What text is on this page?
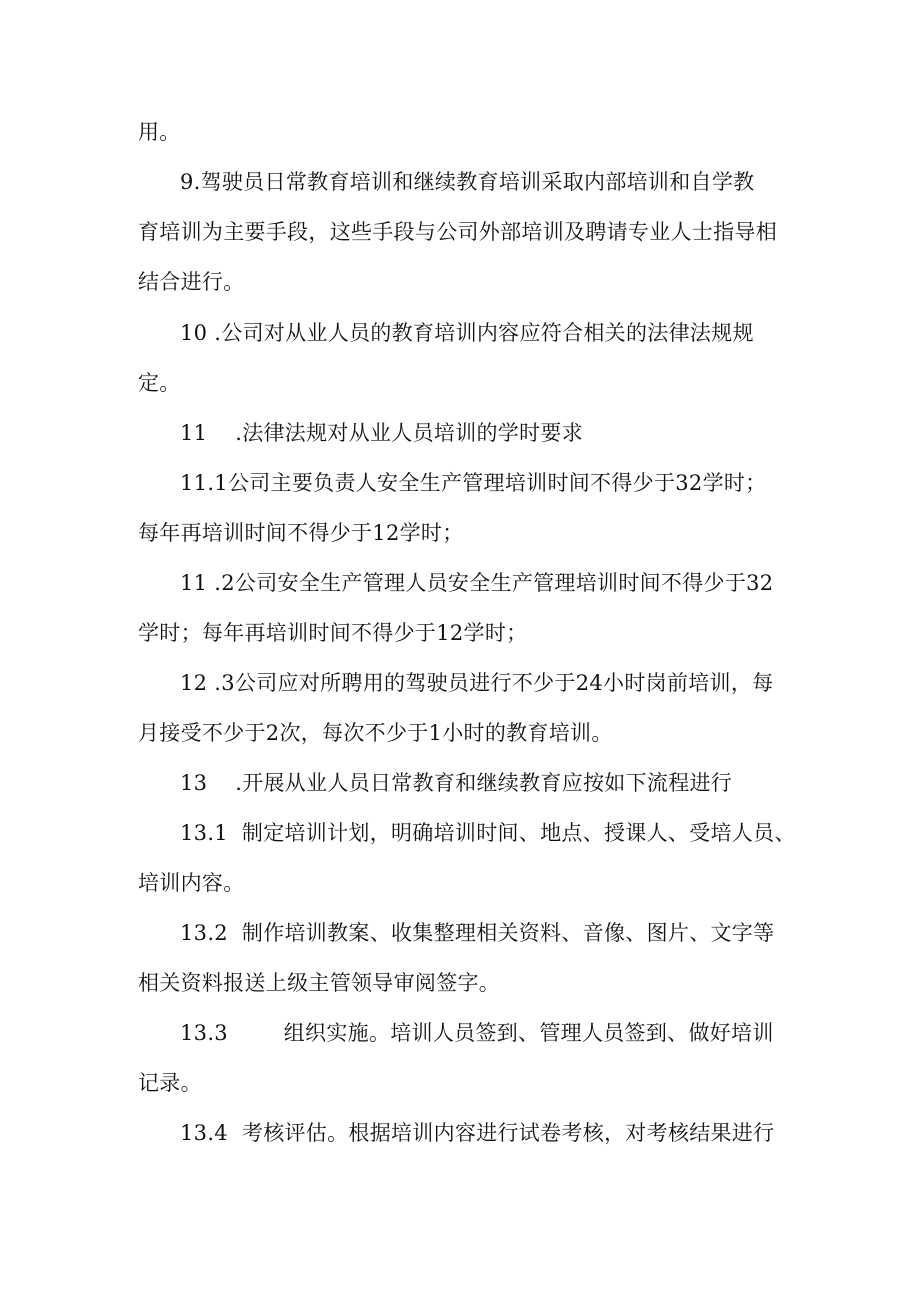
用。
9.驾驶员日常教育培训和继续教育培训采取内部培训和自学教
育培训为主要手段，这些手段与公司外部培训及聘请专业人士指导相
结合进行。
10 .公司对从业人员的教育培训内容应符合相关的法律法规规
定。
11    .法律法规对从业人员培训的学时要求
11.1公司主要负责人安全生产管理培训时间不得少于32学时；
每年再培训时间不得少于12学时；
11 .2公司安全生产管理人员安全生产管理培训时间不得少于32
学时；每年再培训时间不得少于12学时；
12 .3公司应对所聘用的驾驶员进行不少于24小时岗前培训，每
月接受不少于2次，每次不少于1小时的教育培训。
13    .开展从业人员日常教育和继续教育应按如下流程进行
13.1  制定培训计划，明确培训时间、地点、授课人、受培人员、
培训内容。
13.2  制作培训教案、收集整理相关资料、音像、图片、文字等
相关资料报送上级主管领导审阅签字。
13.3        组织实施。培训人员签到、管理人员签到、做好培训
记录。
13.4  考核评估。根据培训内容进行试卷考核，对考核结果进行
